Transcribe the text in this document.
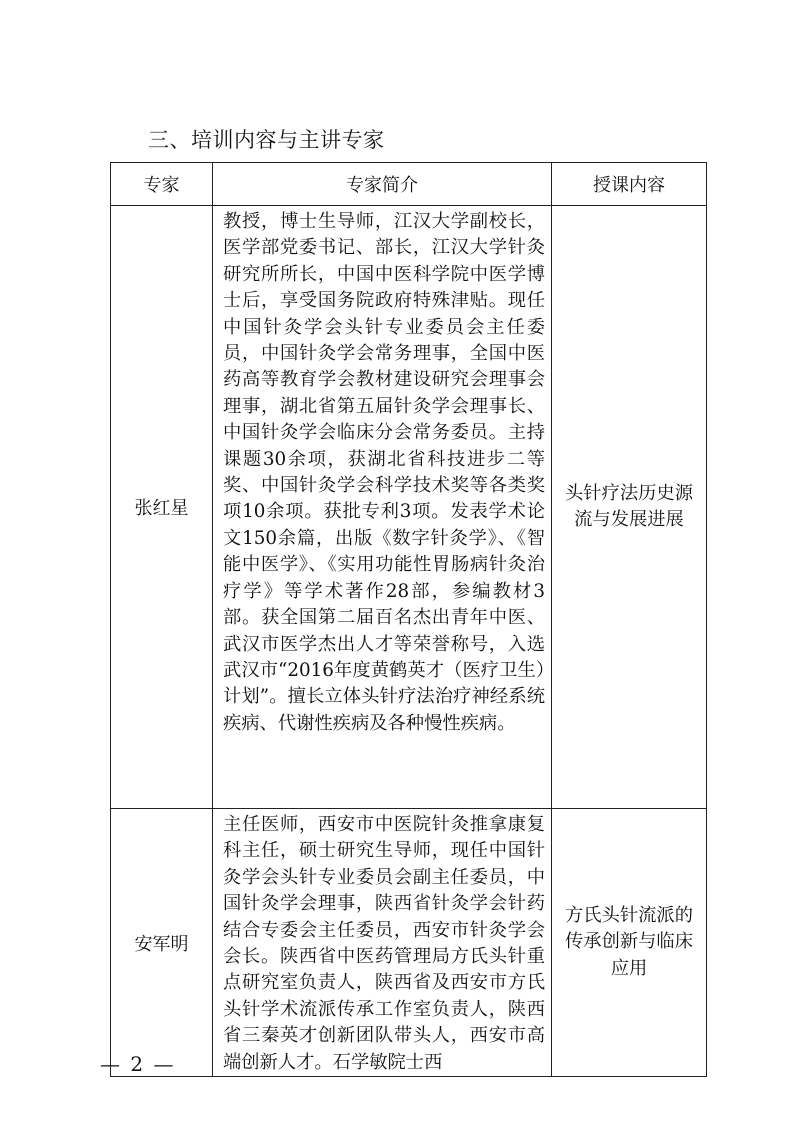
三、培训内容与主讲专家
专家	专家简介	授课内容
张红星	教授，博士生导师，江汉大学副校长，医学部党委书记、部长，江汉大学针灸研究所所长，中国中医科学院中医学博士后，享受国务院政府特殊津贴。现任中国针灸学会头针专业委员会主任委员，中国针灸学会常务理事，全国中医药高等教育学会教材建设研究会理事会理事，湖北省第五届针灸学会理事长、中国针灸学会临床分会常务委员。主持课题30余项，获湖北省科技进步二等奖、中国针灸学会科学技术奖等各类奖项10余项。获批专利3项。发表学术论文150余篇，出版《数字针灸学》、《智能中医学》、《实用功能性胃肠病针灸治疗学》等学术著作28部，参编教材3部。获全国第二届百名杰出青年中医、武汉市医学杰出人才等荣誉称号，入选武汉市“2016年度黄鹤英才（医疗卫生）计划”。擅长立体头针疗法治疗神经系统疾病、代谢性疾病及各种慢性疾病。	头针疗法历史源流与发展进展
安军明	主任医师，西安市中医院针灸推拿康复科主任，硕士研究生导师，现任中国针灸学会头针专业委员会副主任委员，中国针灸学会理事，陕西省针灸学会针药结合专委会主任委员，西安市针灸学会会长。陕西省中医药管理局方氏头针重点研究室负责人，陕西省及西安市方氏头针学术流派传承工作室负责人，陕西省三秦英才创新团队带头人，西安市高端创新人才。石学敏院士西	方氏头针流派的传承创新与临床应用
— 2 —
